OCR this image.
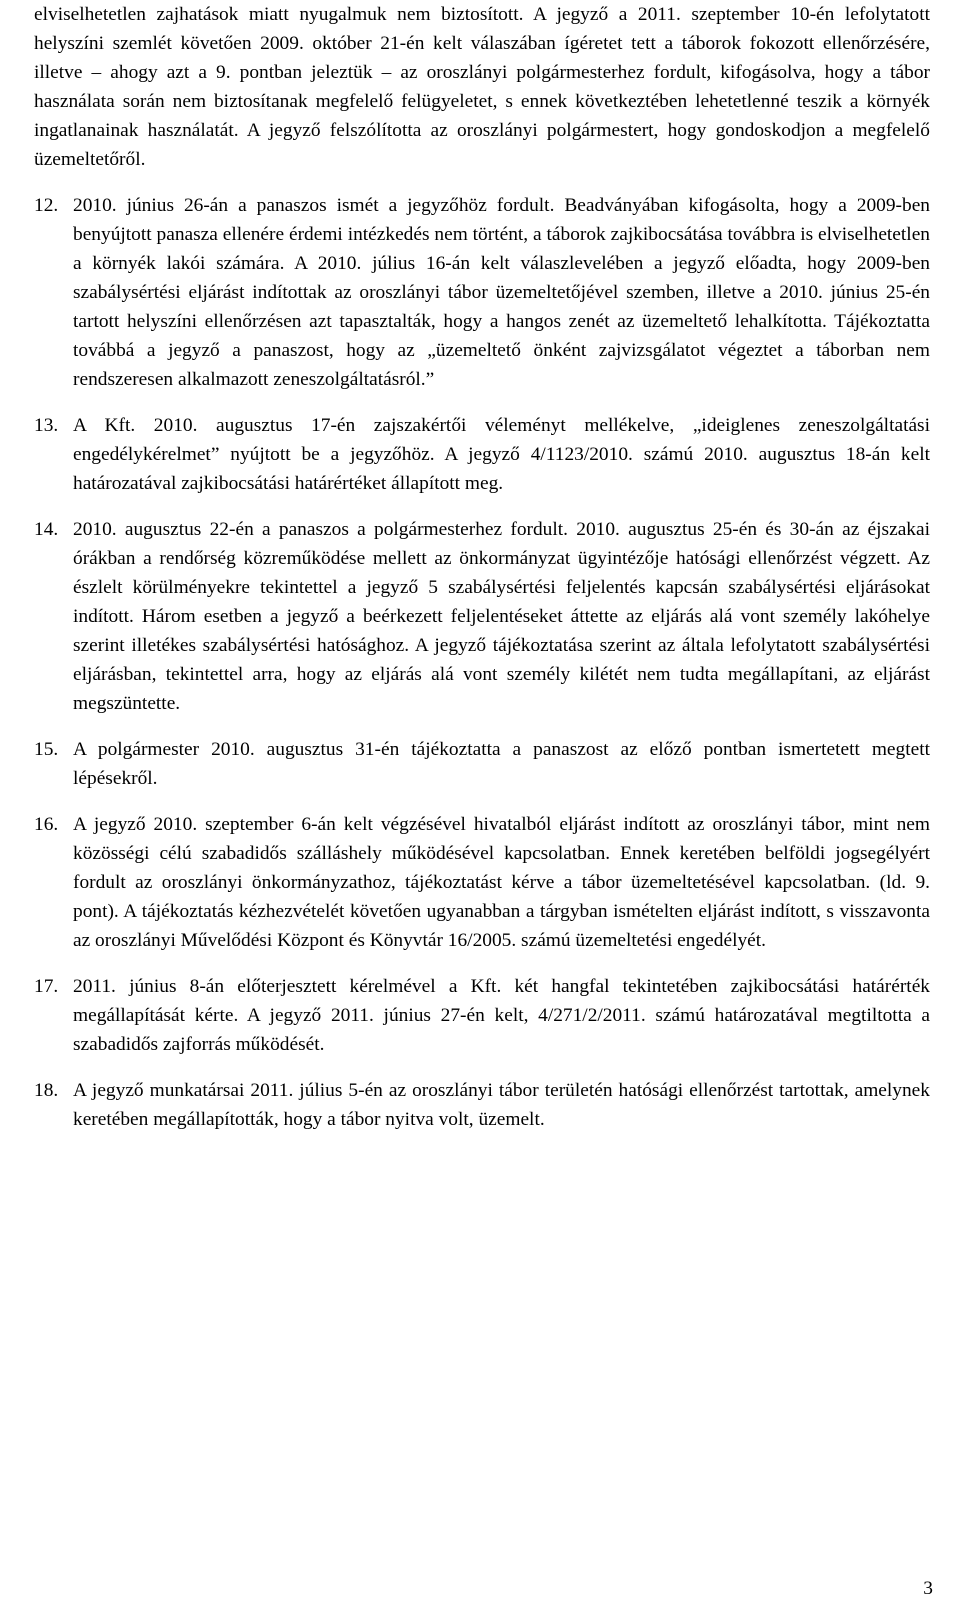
elviselhetetlen zajhatások miatt nyugalmuk nem biztosított. A jegyző a 2011. szeptember 10-én lefolytatott helyszíni szemlét követően 2009. október 21-én kelt válaszában ígéretet tett a táborok fokozott ellenőrzésére, illetve – ahogy azt a 9. pontban jeleztük – az oroszlányi polgármesterhez fordult, kifogásolva, hogy a tábor használata során nem biztosítanak megfelelő felügyeletet, s ennek következtében lehetetlenné teszik a környék ingatlanainak használatát. A jegyző felszólította az oroszlányi polgármestert, hogy gondoskodjon a megfelelő üzemeltetőről.

12. 2010. június 26-án a panaszos ismét a jegyzőhöz fordult. Beadványában kifogásolta, hogy a 2009-ben benyújtott panasza ellenére érdemi intézkedés nem történt, a táborok zajkibocsátása továbbra is elviselhetetlen a környék lakói számára. A 2010. július 16-án kelt válaszlevelében a jegyző előadta, hogy 2009-ben szabálysértési eljárást indítottak az oroszlányi tábor üzemeltetőjével szemben, illetve a 2010. június 25-én tartott helyszíni ellenőrzésen azt tapasztalták, hogy a hangos zenét az üzemeltető lehalkította. Tájékoztatta továbbá a jegyző a panaszost, hogy az „üzemeltető önként zajvizsgálatot végeztet a táborban nem rendszeresen alkalmazott zeneszolgáltatásról.”
13. A Kft. 2010. augusztus 17-én zajszakértői véleményt mellékelve, „ideiglenes zeneszolgáltatási engedélykérelmet” nyújtott be a jegyzőhöz. A jegyző 4/1123/2010. számú 2010. augusztus 18-án kelt határozatával zajkibocsátási határértéket állapított meg.
14. 2010. augusztus 22-én a panaszos a polgármesterhez fordult. 2010. augusztus 25-én és 30-án az éjszakai órákban a rendőrség közreműködése mellett az önkormányzat ügyintézője hatósági ellenőrzést végzett. Az észlelt körülményekre tekintettel a jegyző 5 szabálysértési feljelentés kapcsán szabálysértési eljárásokat indított. Három esetben a jegyző a beérkezett feljelentéseket áttette az eljárás alá vont személy lakóhelye szerint illetékes szabálysértési hatósághoz. A jegyző tájékoztatása szerint az általa lefolytatott szabálysértési eljárásban, tekintettel arra, hogy az eljárás alá vont személy kilétét nem tudta megállapítani, az eljárást megszüntette.
15. A polgármester 2010. augusztus 31-én tájékoztatta a panaszost az előző pontban ismertetett megtett lépésekről.
16. A jegyző 2010. szeptember 6-án kelt végzésével hivatalból eljárást indított az oroszlányi tábor, mint nem közösségi célú szabadidős szálláshely működésével kapcsolatban. Ennek keretében belföldi jogsegélyért fordult az oroszlányi önkormányzathoz, tájékoztatást kérve a tábor üzemeltetésével kapcsolatban. (ld. 9. pont). A tájékoztatás kézhezvételét követően ugyanabban a tárgyban ismételten eljárást indított, s visszavonta az oroszlányi Művelődési Központ és Könyvtár 16/2005. számú üzemeltetési engedélyét.
17. 2011. június 8-án előterjesztett kérelmével a Kft. két hangfal tekintetében zajkibocsátási határérték megállapítását kérte. A jegyző 2011. június 27-én kelt, 4/271/2/2011. számú határozatával megtiltotta a szabadidős zajforrás működését.
18. A jegyző munkatársai 2011. július 5-én az oroszlányi tábor területén hatósági ellenőrzést tartottak, amelynek keretében megállapították, hogy a tábor nyitva volt, üzemelt.
3
